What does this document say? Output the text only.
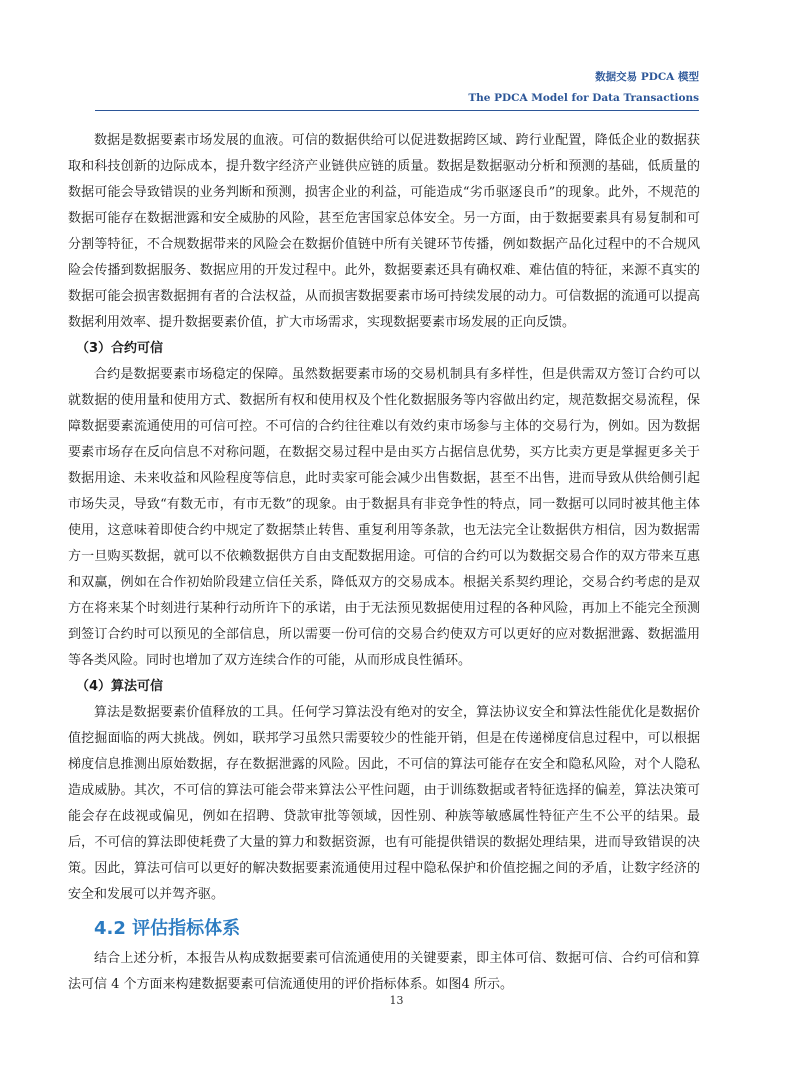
数据交易 PDCA 模型
The PDCA Model for Data Transactions

数据是数据要素市场发展的血液。可信的数据供给可以促进数据跨区域、跨行业配置，降低企业的数据获取和科技创新的边际成本，提升数字经济产业链供应链的质量。数据是数据驱动分析和预测的基础，低质量的数据可能会导致错误的业务判断和预测，损害企业的利益，可能造成“劣币驱逐良币”的现象。此外，不规范的数据可能存在数据泄露和安全威胁的风险，甚至危害国家总体安全。另一方面，由于数据要素具有易复制和可分割等特征，不合规数据带来的风险会在数据价值链中所有关键环节传播，例如数据产品化过程中的不合规风险会传播到数据服务、数据应用的开发过程中。此外，数据要素还具有确权难、难估值的特征，来源不真实的数据可能会损害数据拥有者的合法权益，从而损害数据要素市场可持续发展的动力。可信数据的流通可以提高数据利用效率、提升数据要素价值，扩大市场需求，实现数据要素市场发展的正向反馈。

（3）合约可信

合约是数据要素市场稳定的保障。虽然数据要素市场的交易机制具有多样性，但是供需双方签订合约可以就数据的使用量和使用方式、数据所有权和使用权及个性化数据服务等内容做出约定，规范数据交易流程，保障数据要素流通使用的可信可控。不可信的合约往往难以有效约束市场参与主体的交易行为，例如。因为数据要素市场存在反向信息不对称问题，在数据交易过程中是由买方占据信息优势，买方比卖方更是掌握更多关于数据用途、未来收益和风险程度等信息，此时卖家可能会减少出售数据，甚至不出售，进而导致从供给侧引起市场失灵，导致“有数无市，有市无数”的现象。由于数据具有非竞争性的特点，同一数据可以同时被其他主体使用，这意味着即使合约中规定了数据禁止转售、重复利用等条款，也无法完全让数据供方相信，因为数据需方一旦购买数据，就可以不依赖数据供方自由支配数据用途。可信的合约可以为数据交易合作的双方带来互惠和双赢，例如在合作初始阶段建立信任关系，降低双方的交易成本。根据关系契约理论，交易合约考虑的是双方在将来某个时刻进行某种行动所许下的承诺，由于无法预见数据使用过程的各种风险，再加上不能完全预测到签订合约时可以预见的全部信息，所以需要一份可信的交易合约使双方可以更好的应对数据泄露、数据滥用等各类风险。同时也增加了双方连续合作的可能，从而形成良性循环。

（4）算法可信

算法是数据要素价值释放的工具。任何学习算法没有绝对的安全，算法协议安全和算法性能优化是数据价值挖掘面临的两大挑战。例如，联邦学习虽然只需要较少的性能开销，但是在传递梯度信息过程中，可以根据梯度信息推测出原始数据，存在数据泄露的风险。因此，不可信的算法可能存在安全和隐私风险，对个人隐私造成威胁。其次，不可信的算法可能会带来算法公平性问题，由于训练数据或者特征选择的偏差，算法决策可能会存在歧视或偏见，例如在招聘、贷款审批等领域，因性别、种族等敏感属性特征产生不公平的结果。最后，不可信的算法即使耗费了大量的算力和数据资源，也有可能提供错误的数据处理结果，进而导致错误的决策。因此，算法可信可以更好的解决数据要素流通使用过程中隐私保护和价值挖掘之间的矛盾，让数字经济的安全和发展可以并驾齐驱。

4.2 评估指标体系

结合上述分析，本报告从构成数据要素可信流通使用的关键要素，即主体可信、数据可信、合约可信和算法可信 4 个方面来构建数据要素可信流通使用的评价指标体系。如图4 所示。

13
